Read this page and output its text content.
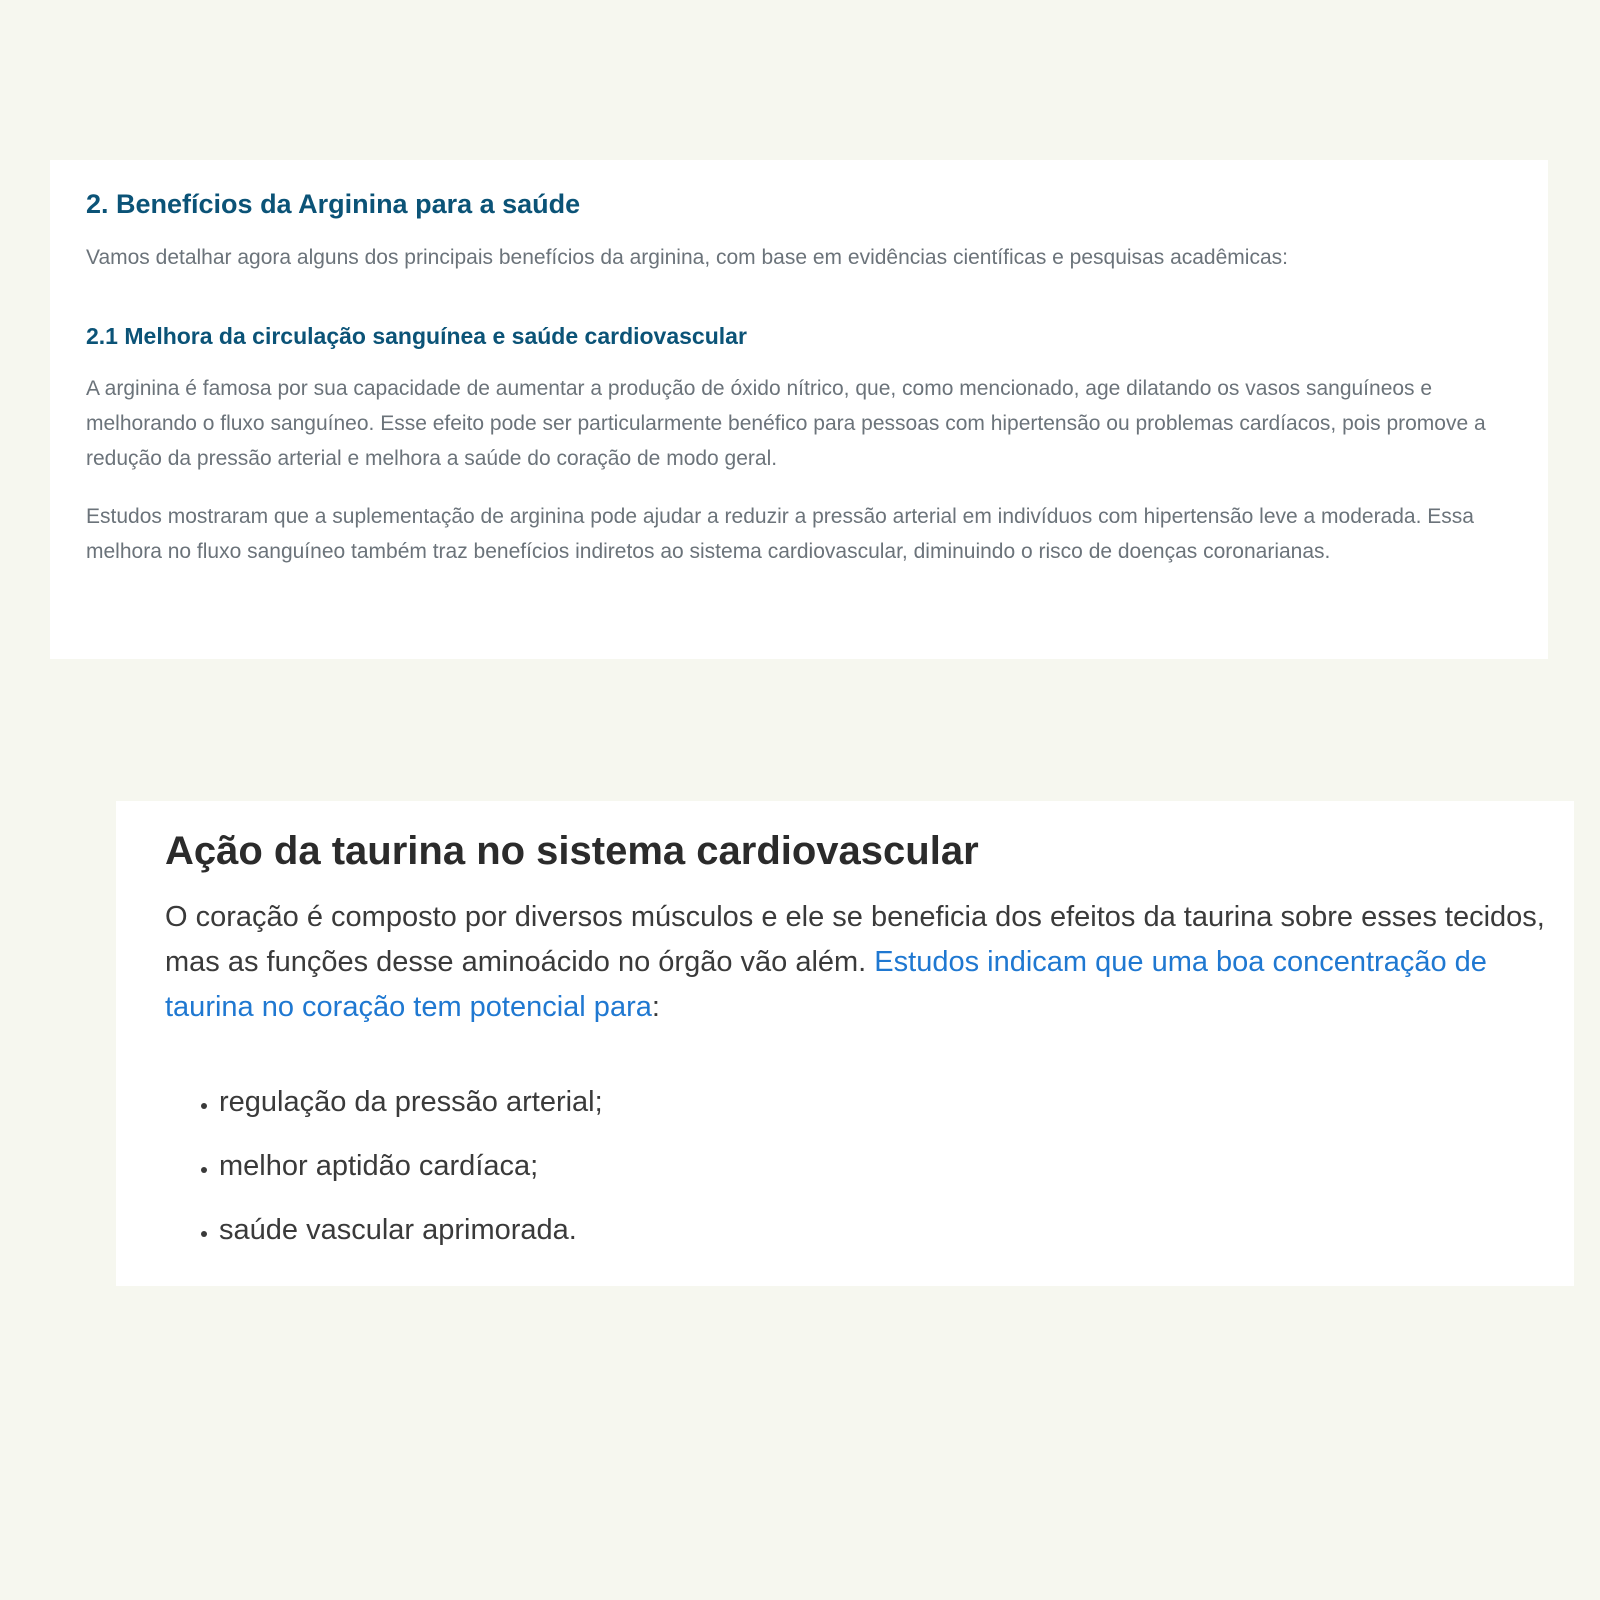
2. Benefícios da Arginina para a saúde

Vamos detalhar agora alguns dos principais benefícios da arginina, com base em evidências científicas e pesquisas acadêmicas:

2.1 Melhora da circulação sanguínea e saúde cardiovascular

A arginina é famosa por sua capacidade de aumentar a produção de óxido nítrico, que, como mencionado, age dilatando os vasos sanguíneos e melhorando o fluxo sanguíneo. Esse efeito pode ser particularmente benéfico para pessoas com hipertensão ou problemas cardíacos, pois promove a redução da pressão arterial e melhora a saúde do coração de modo geral.

Estudos mostraram que a suplementação de arginina pode ajudar a reduzir a pressão arterial em indivíduos com hipertensão leve a moderada. Essa melhora no fluxo sanguíneo também traz benefícios indiretos ao sistema cardiovascular, diminuindo o risco de doenças coronarianas.

Ação da taurina no sistema cardiovascular

O coração é composto por diversos músculos e ele se beneficia dos efeitos da taurina sobre esses tecidos, mas as funções desse aminoácido no órgão vão além. Estudos indicam que uma boa concentração de taurina no coração tem potencial para:

• regulação da pressão arterial;
• melhor aptidão cardíaca;
• saúde vascular aprimorada.
